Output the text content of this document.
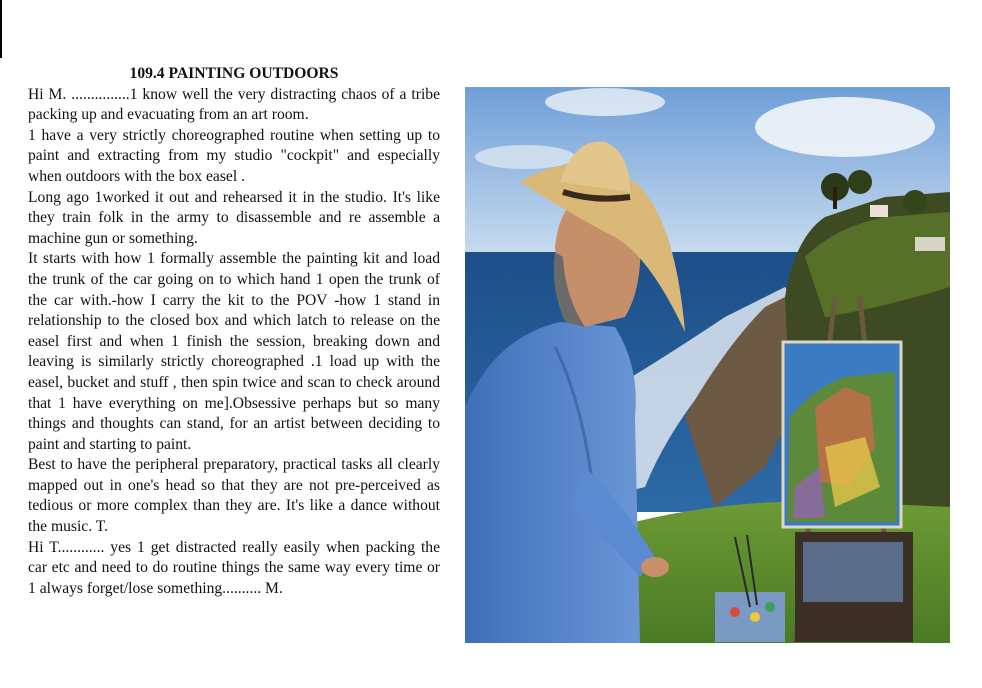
109.4 PAINTING OUTDOORS

Hi M. ...............1 know well the very distracting chaos of a tribe packing up and evacuating from an art room.

1 have a very strictly choreographed routine when setting up to paint and extracting from my studio "cockpit" and especially when outdoors with the box easel .

Long ago 1worked it out and rehearsed it in the studio. It's like they train folk in the army to disassemble and re assemble a machine gun or something.

It starts with how 1 formally assemble the painting kit and load the trunk of the car going on to which hand 1 open the trunk of the car with.-how I carry the kit to the POV -how 1 stand in relationship to the closed box and which latch to release on the easel first and when 1 finish the session, breaking down and leaving is similarly strictly choreographed .1 load up with the easel, bucket and stuff , then spin twice and scan to check around that 1 have everything on me].Obsessive perhaps but so many things and thoughts can stand, for an artist between deciding to paint and starting to paint.

Best to have the peripheral preparatory, practical tasks all clearly mapped out in one's head so that they are not pre-perceived as tedious or more complex than they are. It's like a dance without the music. T.

Hi T............ yes 1 get distracted really easily when packing the car etc and need to do routine things the same way every time or 1 always forget/lose something.......... M.
